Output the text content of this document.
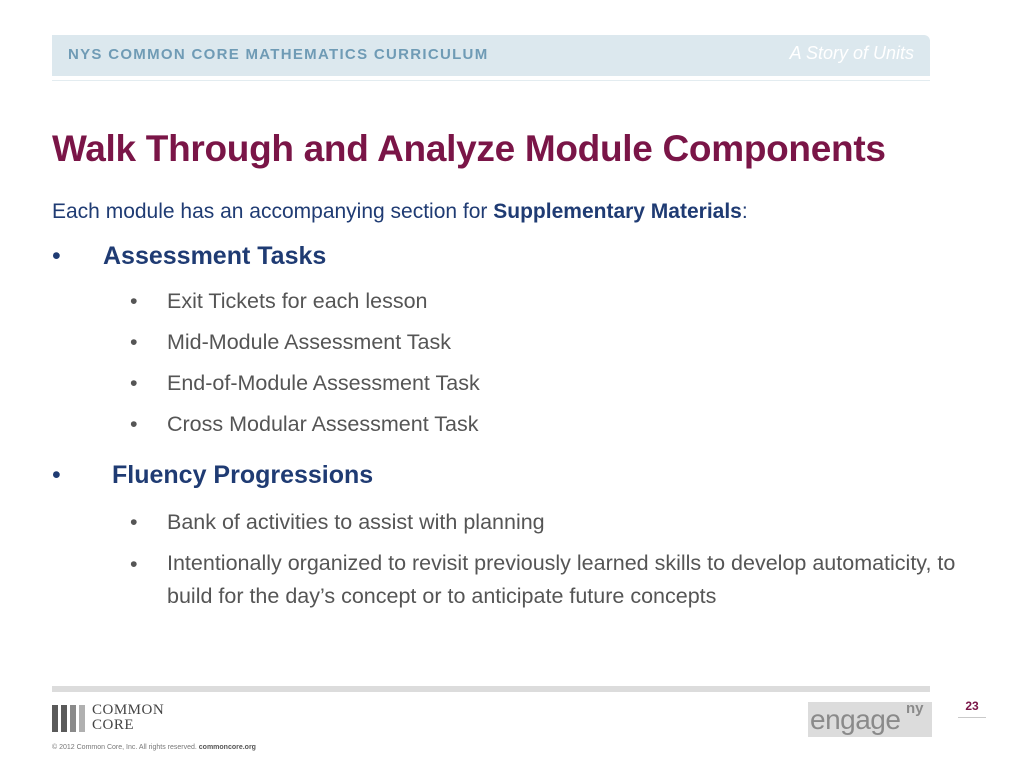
NYS COMMON CORE MATHEMATICS CURRICULUM	A Story of Units
Walk Through and Analyze Module Components
Each module has an accompanying section for Supplementary Materials:
• Assessment Tasks
• Exit Tickets for each lesson
• Mid-Module Assessment Task
• End-of-Module Assessment Task
• Cross Modular Assessment Task
• Fluency Progressions
• Bank of activities to assist with planning
• Intentionally organized to revisit previously learned skills to develop automaticity, to build for the day’s concept or to anticipate future concepts
23
COMMON
CORE
© 2012 Common Core, Inc. All rights reserved. commoncore.org
engage ny
